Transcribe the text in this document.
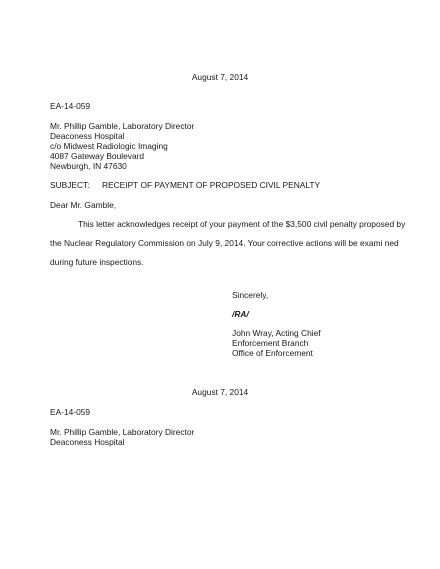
August 7, 2014
EA-14-059
Mr. Phillip Gamble, Laboratory Director
Deaconess Hospital
c/o Midwest Radiologic Imaging
4087 Gateway Boulevard
Newburgh, IN 47630
SUBJECT: RECEIPT OF PAYMENT OF PROPOSED CIVIL PENALTY
Dear Mr. Gamble,
This letter acknowledges receipt of your payment of the $3,500 civil penalty proposed by
the Nuclear Regulatory Commission on July 9, 2014. Your corrective actions will be exami ned
during future inspections.
Sincerely,
/RA/
John Wray, Acting Chief
Enforcement Branch
Office of Enforcement
August 7, 2014
EA-14-059
Mr. Phillip Gamble, Laboratory Director
Deaconess Hospital
